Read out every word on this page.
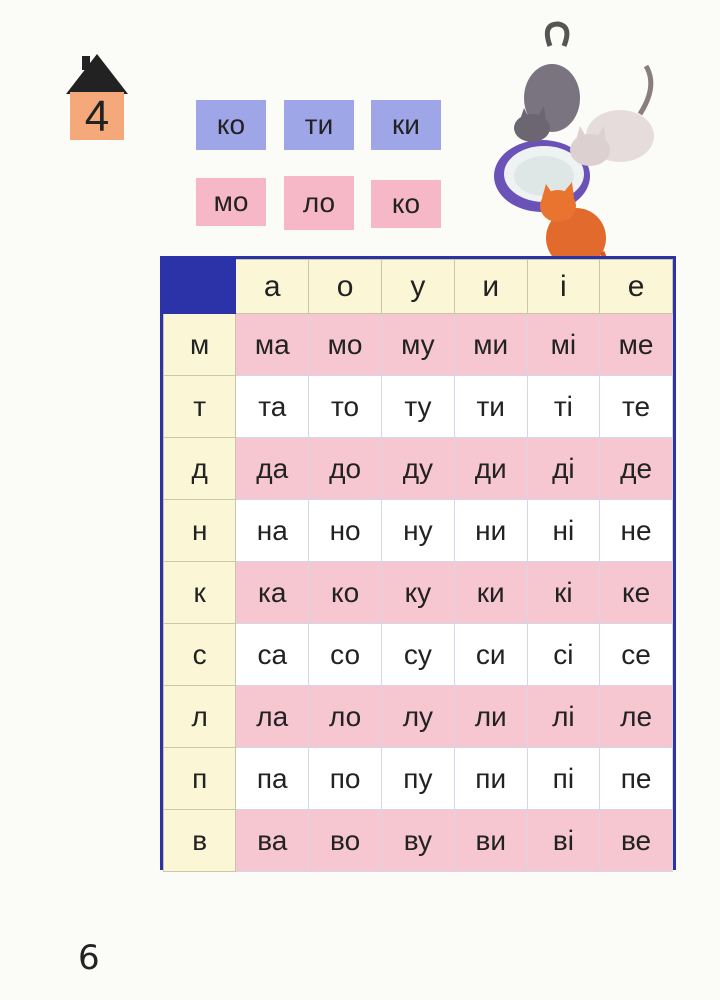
4	ко	ти	ки
мо	ло	ко
	а	о	у	и	і	е
м	ма	мо	му	ми	мі	ме
т	та	то	ту	ти	ті	те
д	да	до	ду	ди	ді	де
н	на	но	ну	ни	ні	не
к	ка	ко	ку	ки	кі	ке
с	са	со	су	си	сі	се
л	ла	ло	лу	ли	лі	ле
п	па	по	пу	пи	пі	пе
в	ва	во	ву	ви	ві	ве
6
